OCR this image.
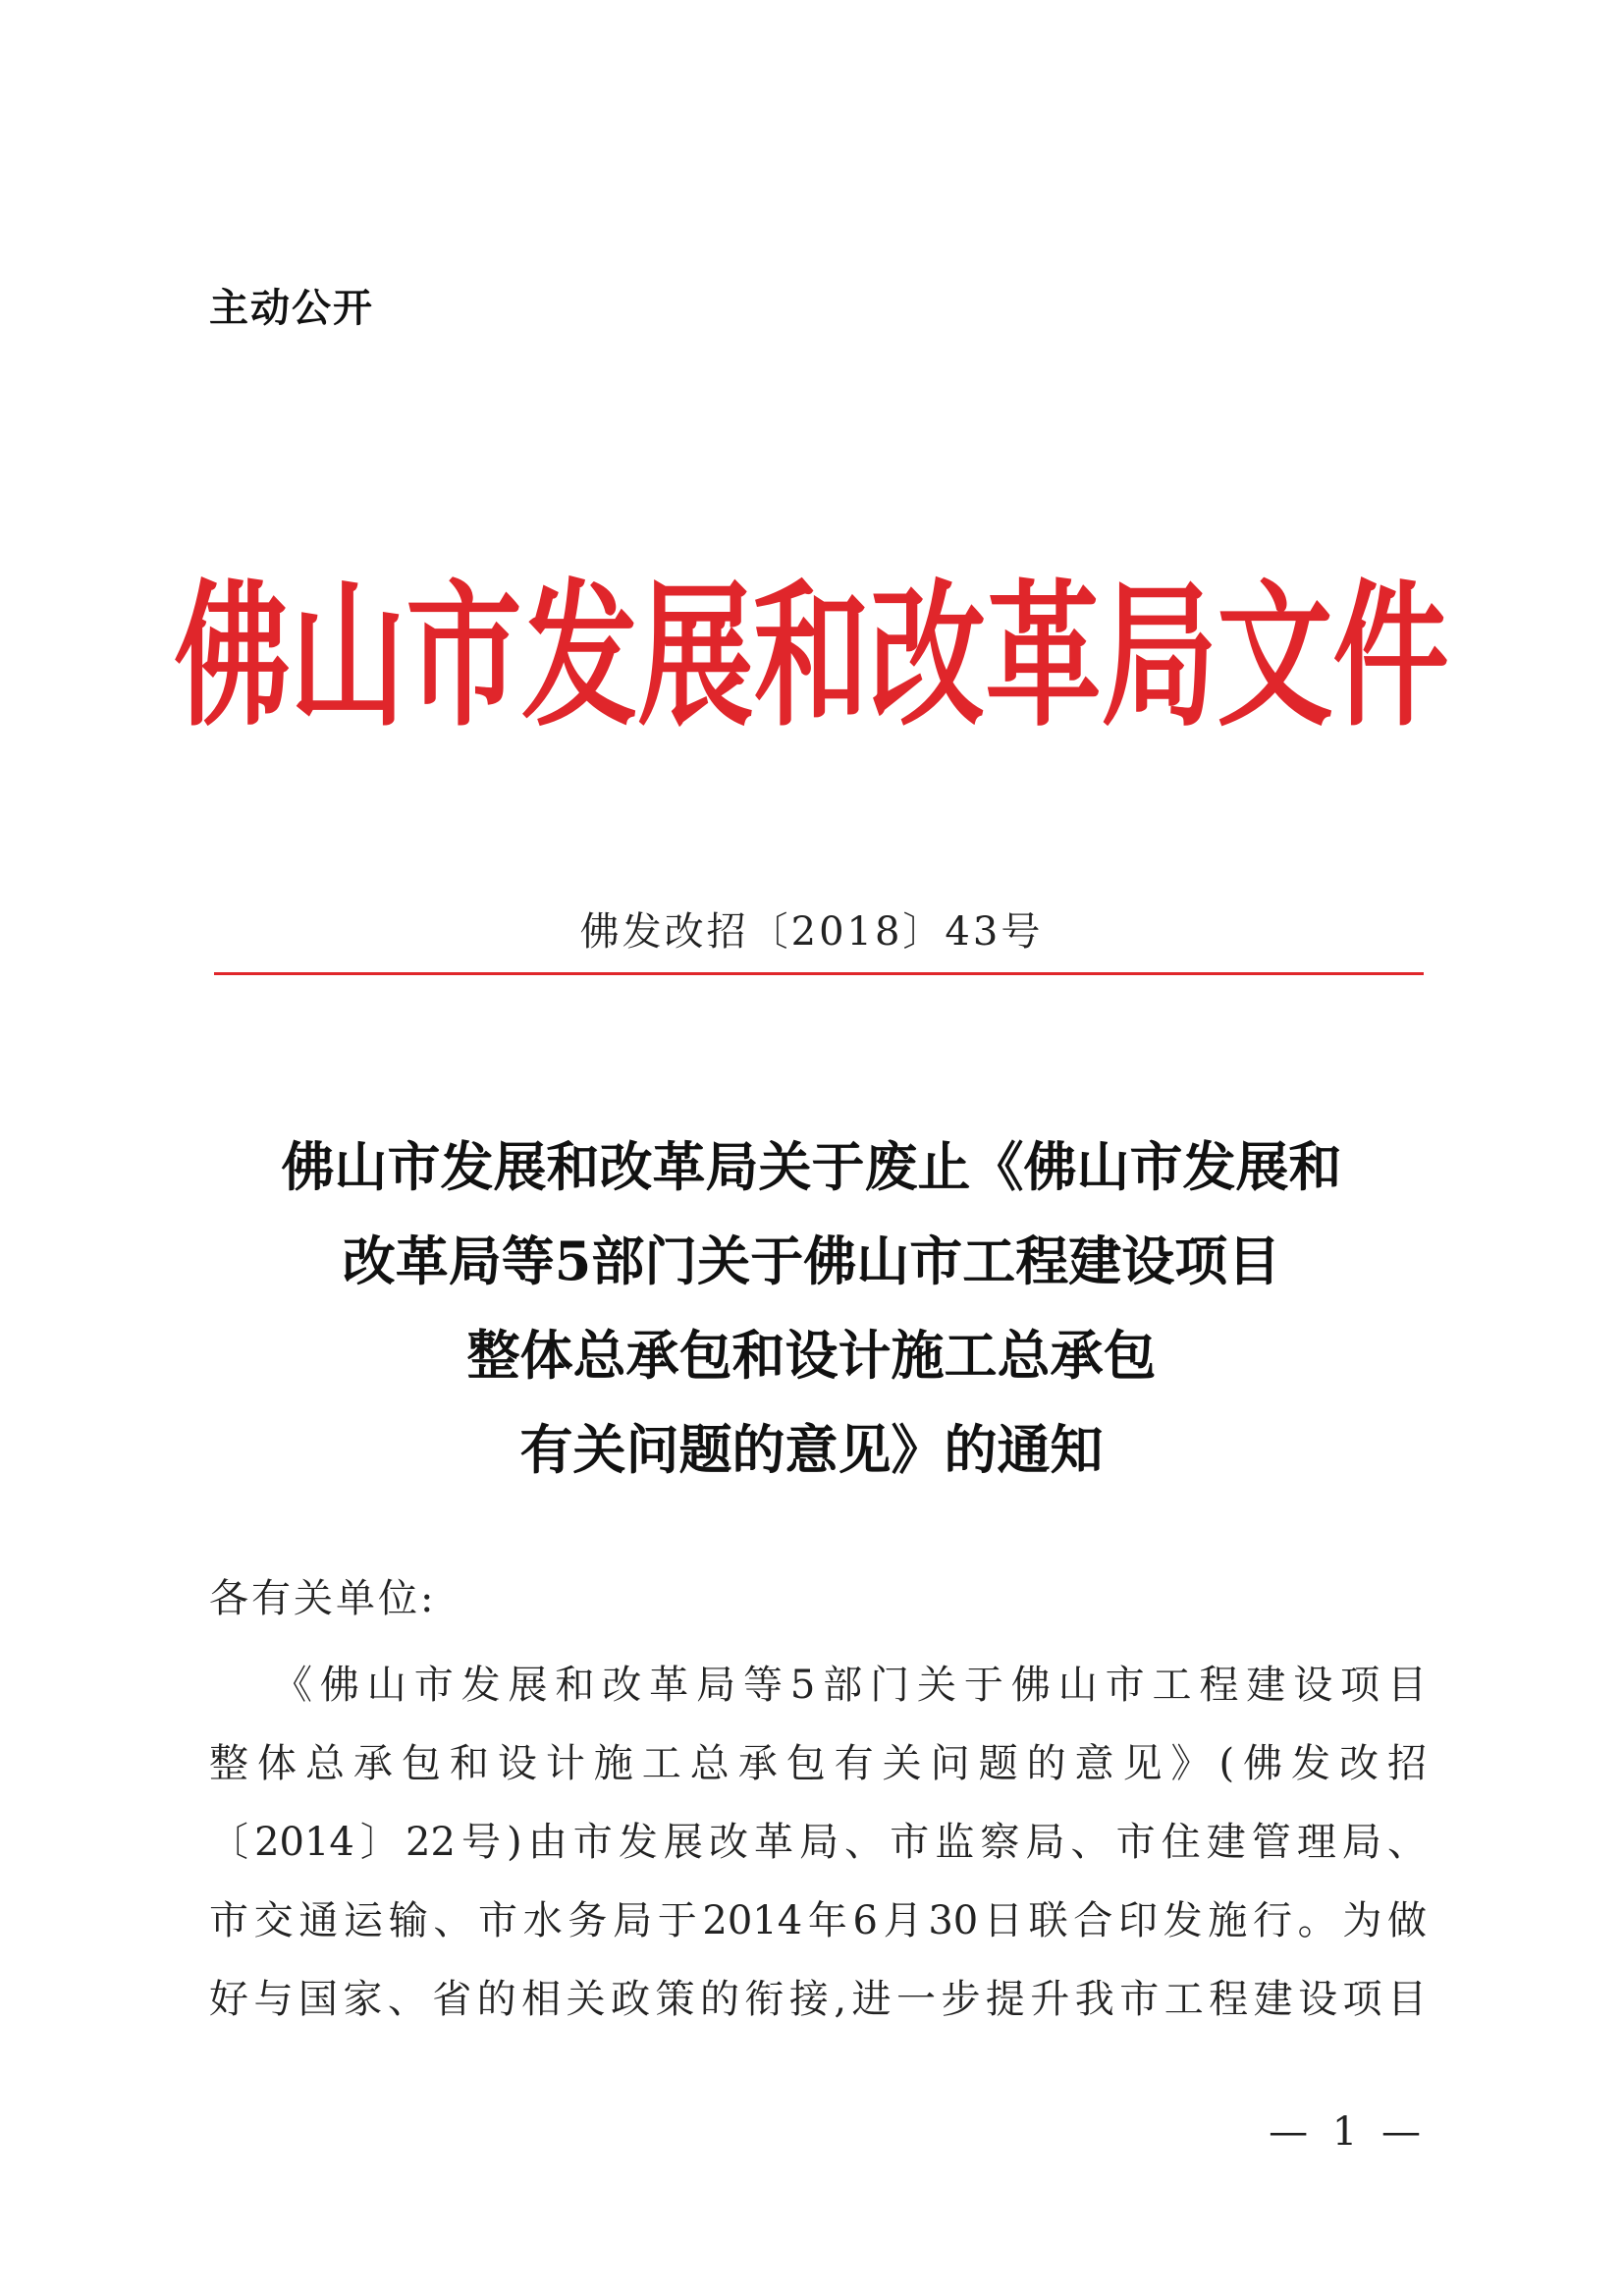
主动公开
佛山市发展和改革局文件
佛发改招〔2018〕43号
佛山市发展和改革局关于废止《佛山市发展和
改革局等5部门关于佛山市工程建设项目
整体总承包和设计施工总承包
有关问题的意见》的通知
各有关单位:
《佛山市发展和改革局等5部门关于佛山市工程建设项目
整体总承包和设计施工总承包有关问题的意见》(佛发改招
〔2014〕22号)由市发展改革局、市监察局、市住建管理局、
市交通运输、市水务局于2014年6月30日联合印发施行。为做
好与国家、省的相关政策的衔接,进一步提升我市工程建设项目
— 1 —
